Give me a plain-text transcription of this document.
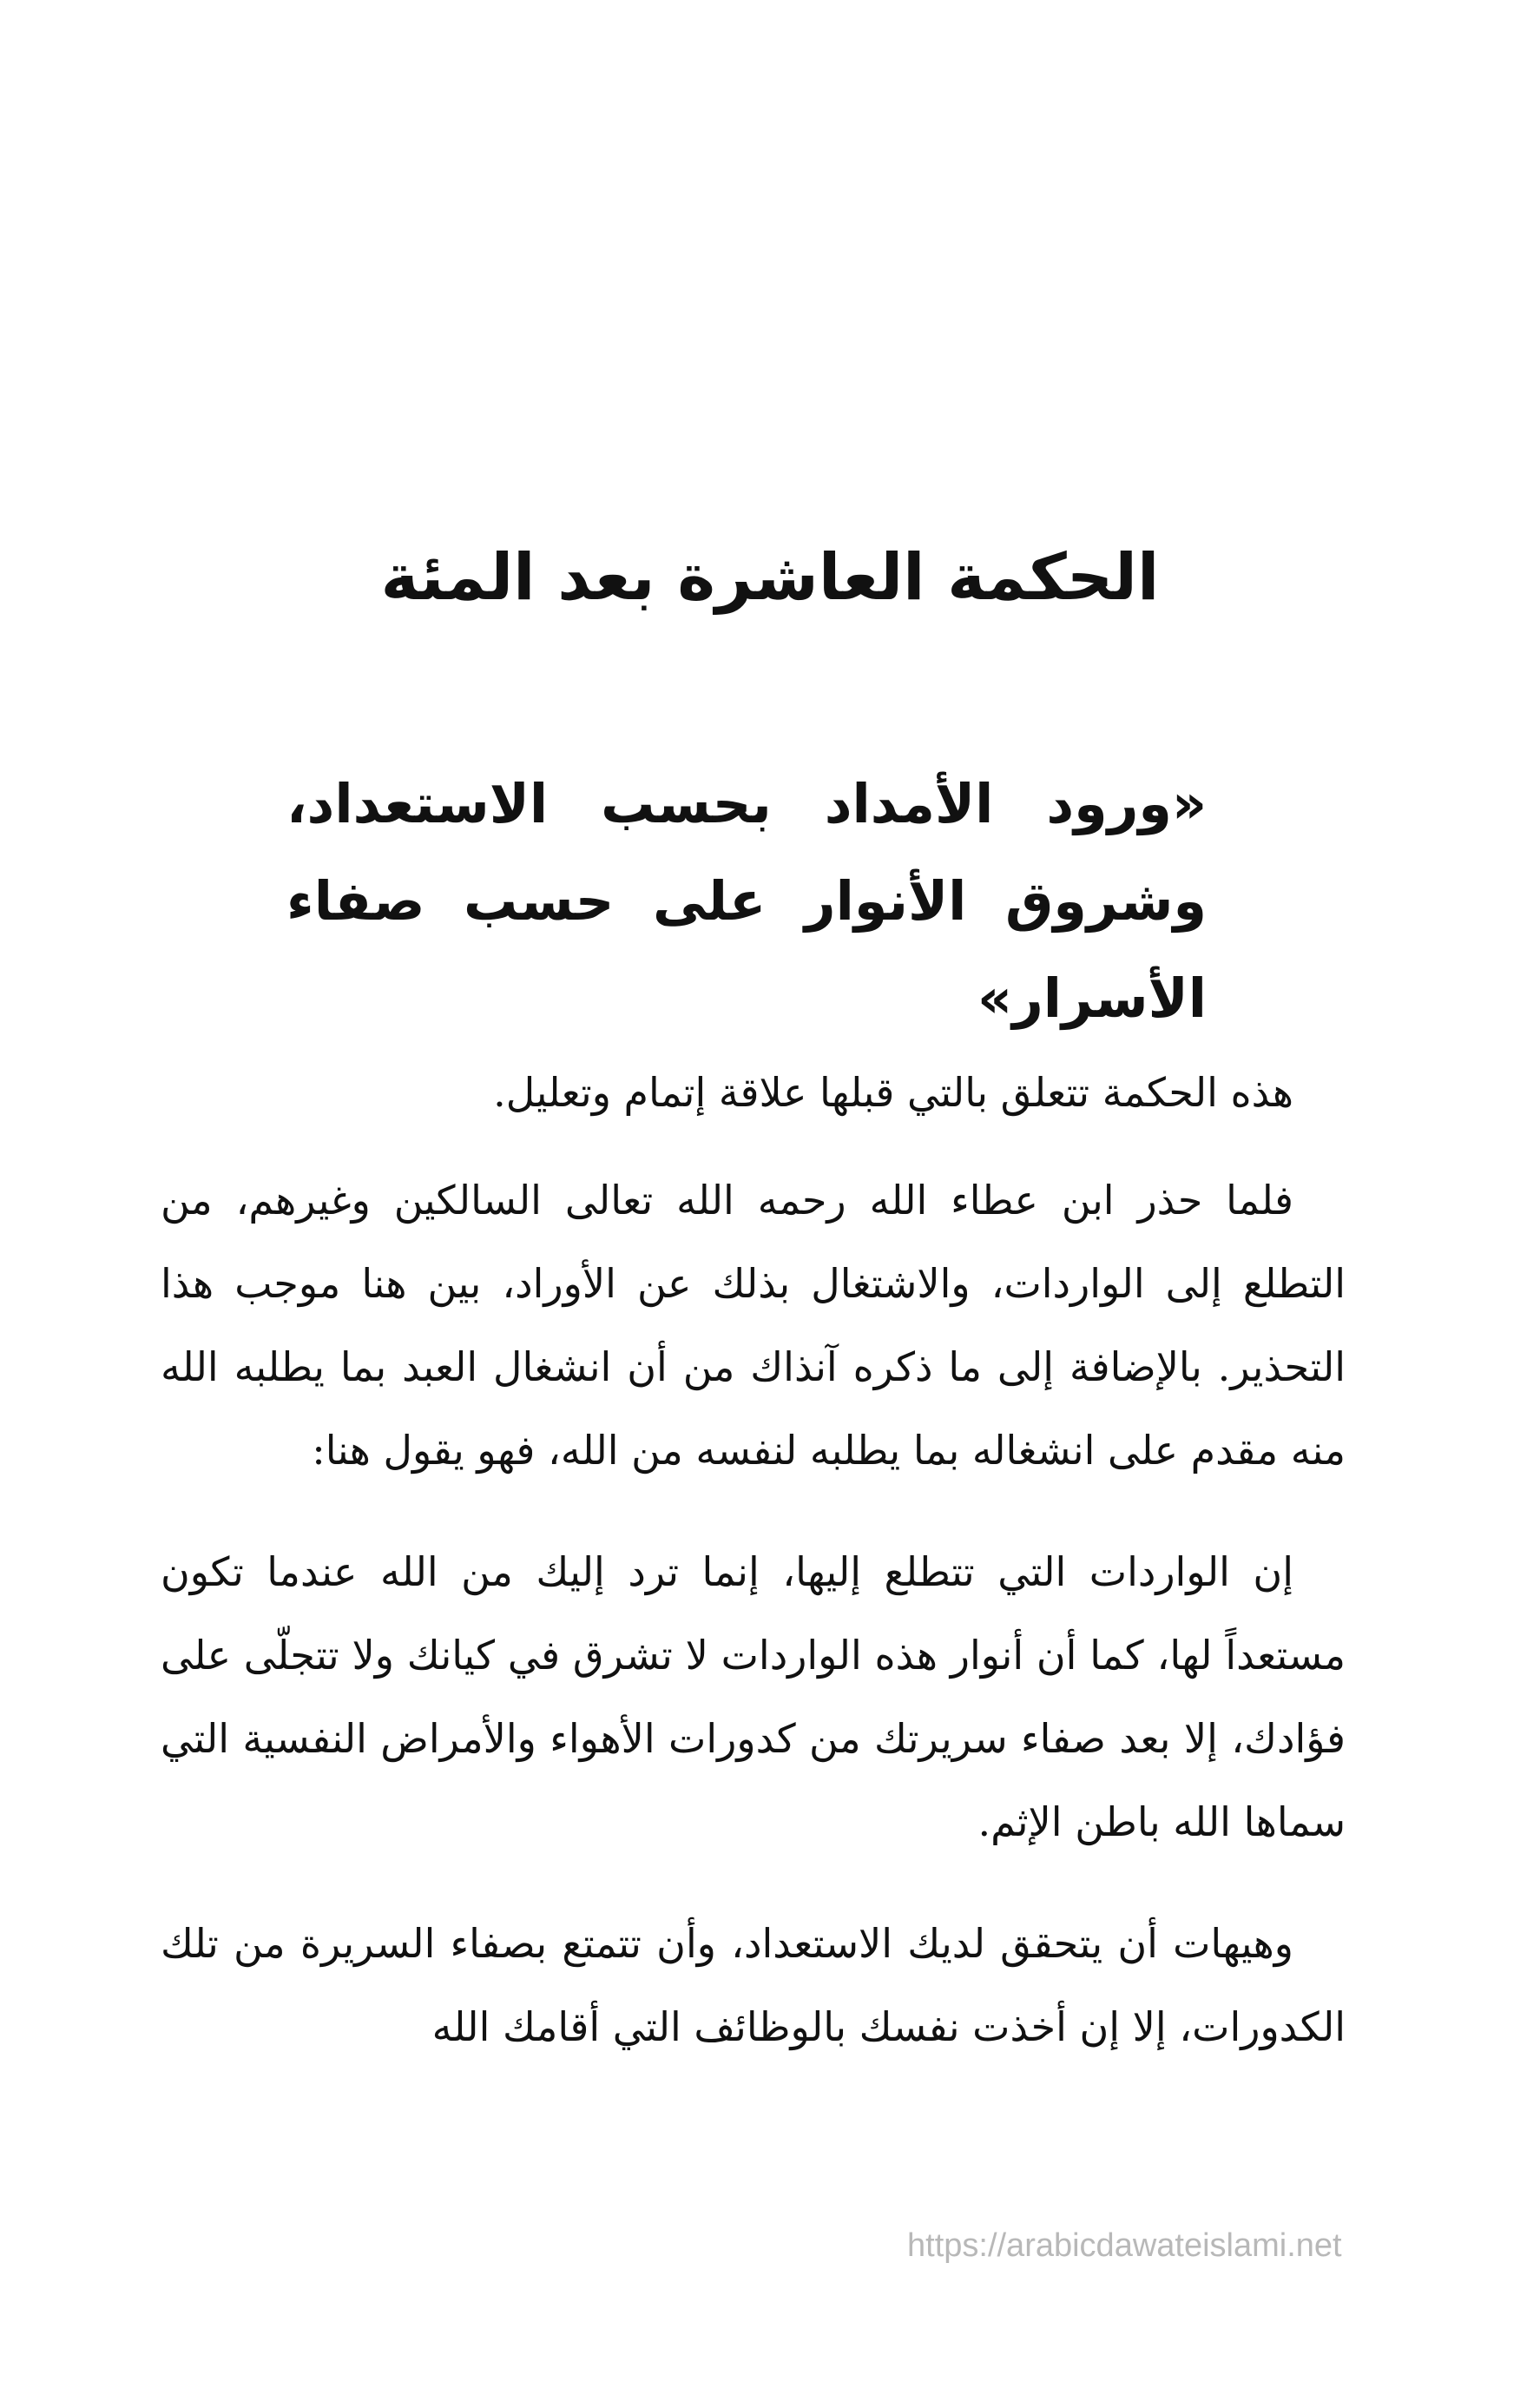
الحكمة العاشرة بعد المئة
«ورود الأمداد بحسب الاستعداد، وشروق الأنوار على حسب صفاء الأسرار»

هذه الحكمة تتعلق بالتي قبلها علاقة إتمام وتعليل.

فلما حذر ابن عطاء الله رحمه الله تعالى السالكين وغيرهم، من التطلع إلى الواردات، والاشتغال بذلك عن الأوراد، بين هنا موجب هذا التحذير. بالإضافة إلى ما ذكره آنذاك من أن انشغال العبد بما يطلبه الله منه مقدم على انشغاله بما يطلبه لنفسه من الله، فهو يقول هنا:

إن الواردات التي تتطلع إليها، إنما ترد إليك من الله عندما تكون مستعداً لها، كما أن أنوار هذه الواردات لا تشرق في كيانك ولا تتجلّى على فؤادك، إلا بعد صفاء سريرتك من كدورات الأهواء والأمراض النفسية التي سماها الله باطن الإثم.

وهيهات أن يتحقق لديك الاستعداد، وأن تتمتع بصفاء السريرة من تلك الكدورات، إلا إن أخذت نفسك بالوظائف التي أقامك الله

https://arabicdawateislami.net
